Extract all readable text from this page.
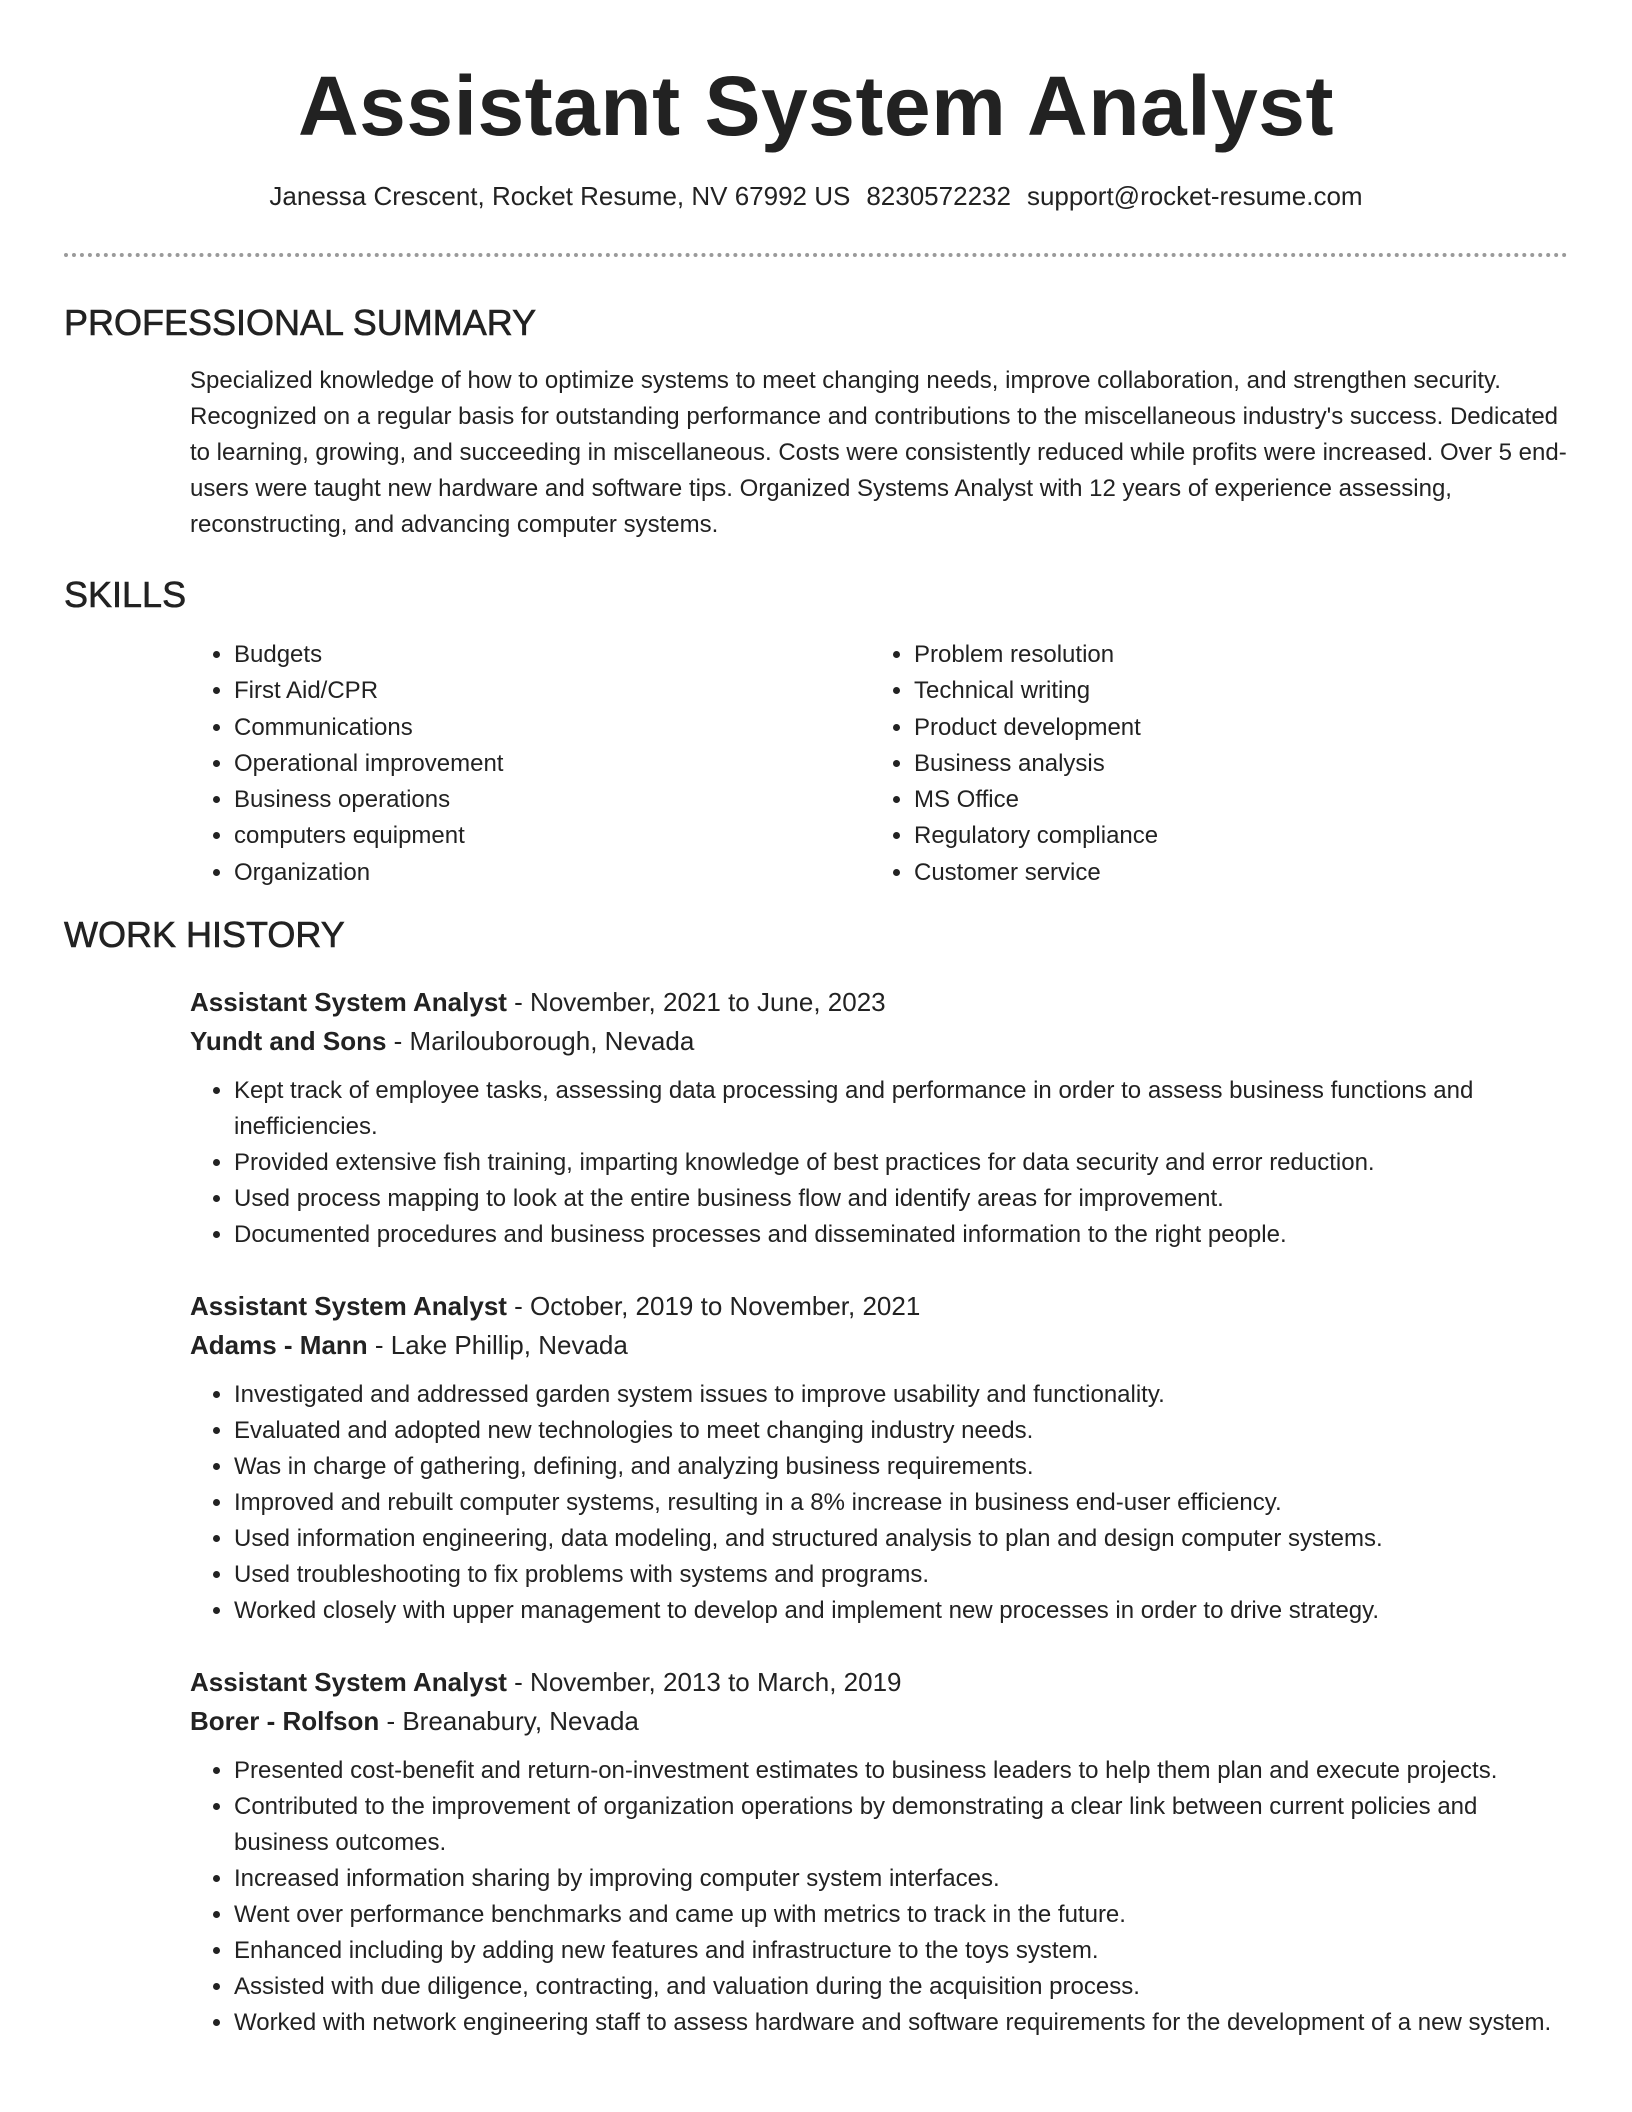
Assistant System Analyst
Janessa Crescent, Rocket Resume, NV 67992 US 8230572232 support@rocket-resume.com
PROFESSIONAL SUMMARY
Specialized knowledge of how to optimize systems to meet changing needs, improve collaboration, and strengthen security. Recognized on a regular basis for outstanding performance and contributions to the miscellaneous industry's success. Dedicated to learning, growing, and succeeding in miscellaneous. Costs were consistently reduced while profits were increased. Over 5 end-users were taught new hardware and software tips. Organized Systems Analyst with 12 years of experience assessing, reconstructing, and advancing computer systems.
SKILLS
• Budgets
• First Aid/CPR
• Communications
• Operational improvement
• Business operations
• computers equipment
• Organization
• Problem resolution
• Technical writing
• Product development
• Business analysis
• MS Office
• Regulatory compliance
• Customer service
WORK HISTORY
Assistant System Analyst - November, 2021 to June, 2023
Yundt and Sons - Marilouborough, Nevada
• Kept track of employee tasks, assessing data processing and performance in order to assess business functions and inefficiencies.
• Provided extensive fish training, imparting knowledge of best practices for data security and error reduction.
• Used process mapping to look at the entire business flow and identify areas for improvement.
• Documented procedures and business processes and disseminated information to the right people.
Assistant System Analyst - October, 2019 to November, 2021
Adams - Mann - Lake Phillip, Nevada
• Investigated and addressed garden system issues to improve usability and functionality.
• Evaluated and adopted new technologies to meet changing industry needs.
• Was in charge of gathering, defining, and analyzing business requirements.
• Improved and rebuilt computer systems, resulting in a 8% increase in business end-user efficiency.
• Used information engineering, data modeling, and structured analysis to plan and design computer systems.
• Used troubleshooting to fix problems with systems and programs.
• Worked closely with upper management to develop and implement new processes in order to drive strategy.
Assistant System Analyst - November, 2013 to March, 2019
Borer - Rolfson - Breanabury, Nevada
• Presented cost-benefit and return-on-investment estimates to business leaders to help them plan and execute projects.
• Contributed to the improvement of organization operations by demonstrating a clear link between current policies and business outcomes.
• Increased information sharing by improving computer system interfaces.
• Went over performance benchmarks and came up with metrics to track in the future.
• Enhanced including by adding new features and infrastructure to the toys system.
• Assisted with due diligence, contracting, and valuation during the acquisition process.
• Worked with network engineering staff to assess hardware and software requirements for the development of a new system.
